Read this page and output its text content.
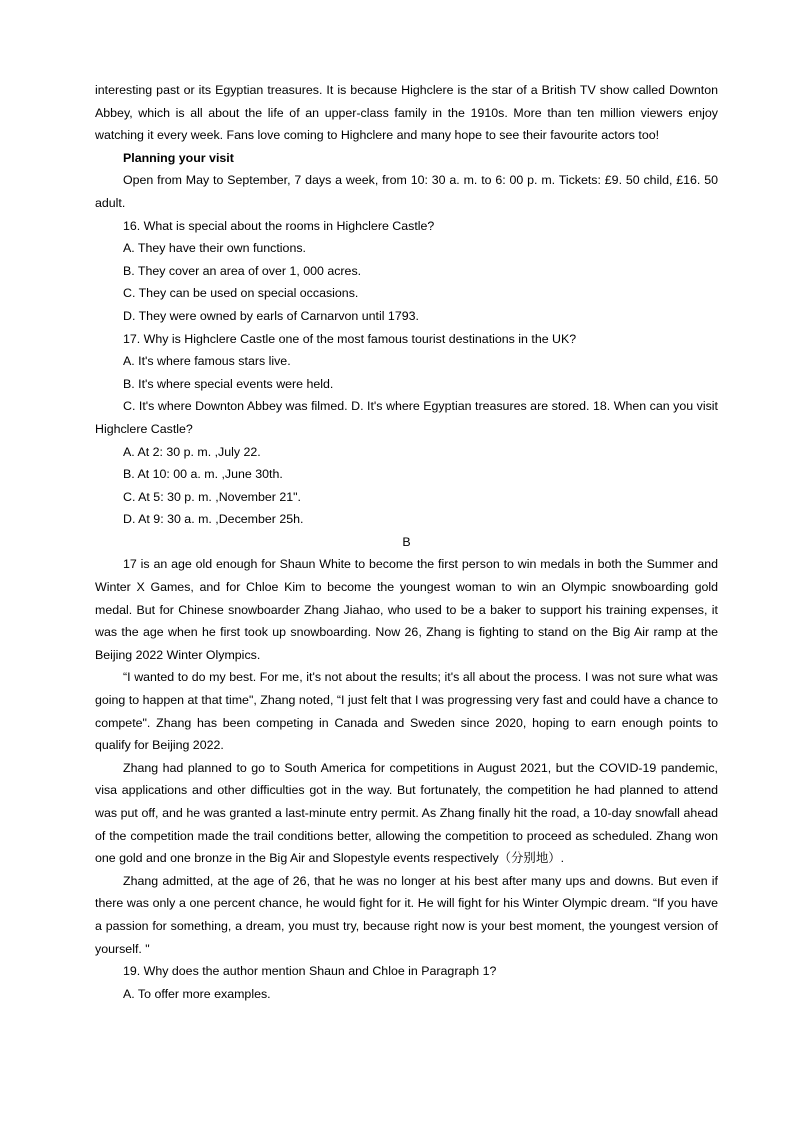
interesting past or its Egyptian treasures. It is because Highclere is the star of a British TV show called Downton Abbey, which is all about the life of an upper-class family in the 1910s. More than ten million viewers enjoy watching it every week. Fans love coming to Highclere and many hope to see their favourite actors too!

Planning your visit

Open from May to September, 7 days a week, from 10: 30 a. m. to 6: 00 p. m. Tickets: £9. 50 child, £16. 50 adult.

16. What is special about the rooms in Highclere Castle?

A. They have their own functions.

B. They cover an area of over 1, 000 acres.

C. They can be used on special occasions.

D. They were owned by earls of Carnarvon until 1793.

17. Why is Highclere Castle one of the most famous tourist destinations in the UK?

A. It's where famous stars live.

B. It's where special events were held.

C. It's where Downton Abbey was filmed. D. It's where Egyptian treasures are stored. 18. When can you visit Highclere Castle?

A. At 2: 30 p. m. ,July 22.

B. At 10: 00 a. m. ,June 30th.

C. At 5: 30 p. m. ,November 21".

D. At 9: 30 a. m. ,December 25h.

B

17 is an age old enough for Shaun White to become the first person to win medals in both the Summer and Winter X Games, and for Chloe Kim to become the youngest woman to win an Olympic snowboarding gold medal. But for Chinese snowboarder Zhang Jiahao, who used to be a baker to support his training expenses, it was the age when he first took up snowboarding. Now 26, Zhang is fighting to stand on the Big Air ramp at the Beijing 2022 Winter Olympics.

“I wanted to do my best. For me, it's not about the results; it's all about the process. I was not sure what was going to happen at that time", Zhang noted, “I just felt that I was progressing very fast and could have a chance to compete". Zhang has been competing in Canada and Sweden since 2020, hoping to earn enough points to qualify for Beijing 2022.

Zhang had planned to go to South America for competitions in August 2021, but the COVID-19 pandemic, visa applications and other difficulties got in the way. But fortunately, the competition he had planned to attend was put off, and he was granted a last-minute entry permit. As Zhang finally hit the road, a 10-day snowfall ahead of the competition made the trail conditions better, allowing the competition to proceed as scheduled. Zhang won one gold and one bronze in the Big Air and Slopestyle events respectively（分别地）.

Zhang admitted, at the age of 26, that he was no longer at his best after many ups and downs. But even if there was only a one percent chance, he would fight for it. He will fight for his Winter Olympic dream. “If you have a passion for something, a dream, you must try, because right now is your best moment, the youngest version of yourself. "

19. Why does the author mention Shaun and Chloe in Paragraph 1?

A. To offer more examples.
